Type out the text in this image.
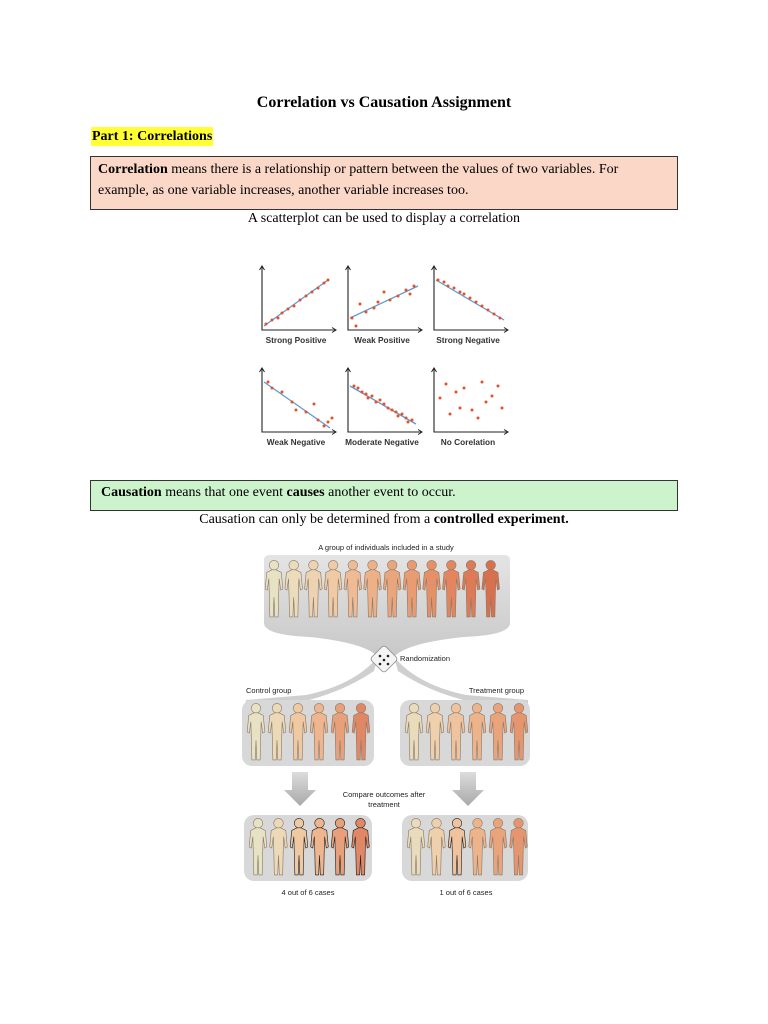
Correlation vs Causation Assignment
Part 1: Correlations
Correlation means there is a relationship or pattern between the values of two variables. For example, as one variable increases, another variable increases too.
A scatterplot can be used to display a correlation
Strong Positive	Weak Positive	Strong Negative
Weak Negative Moderate Negative	No Corelation
Causation means that one event causes another event to occur.
Causation can only be determined from a controlled experiment.
A group of individuals included in a study
Randomization
Control group	Treatment group
Compare outcomes after
treatment
4 out of 6 cases	1 out of 6 cases
